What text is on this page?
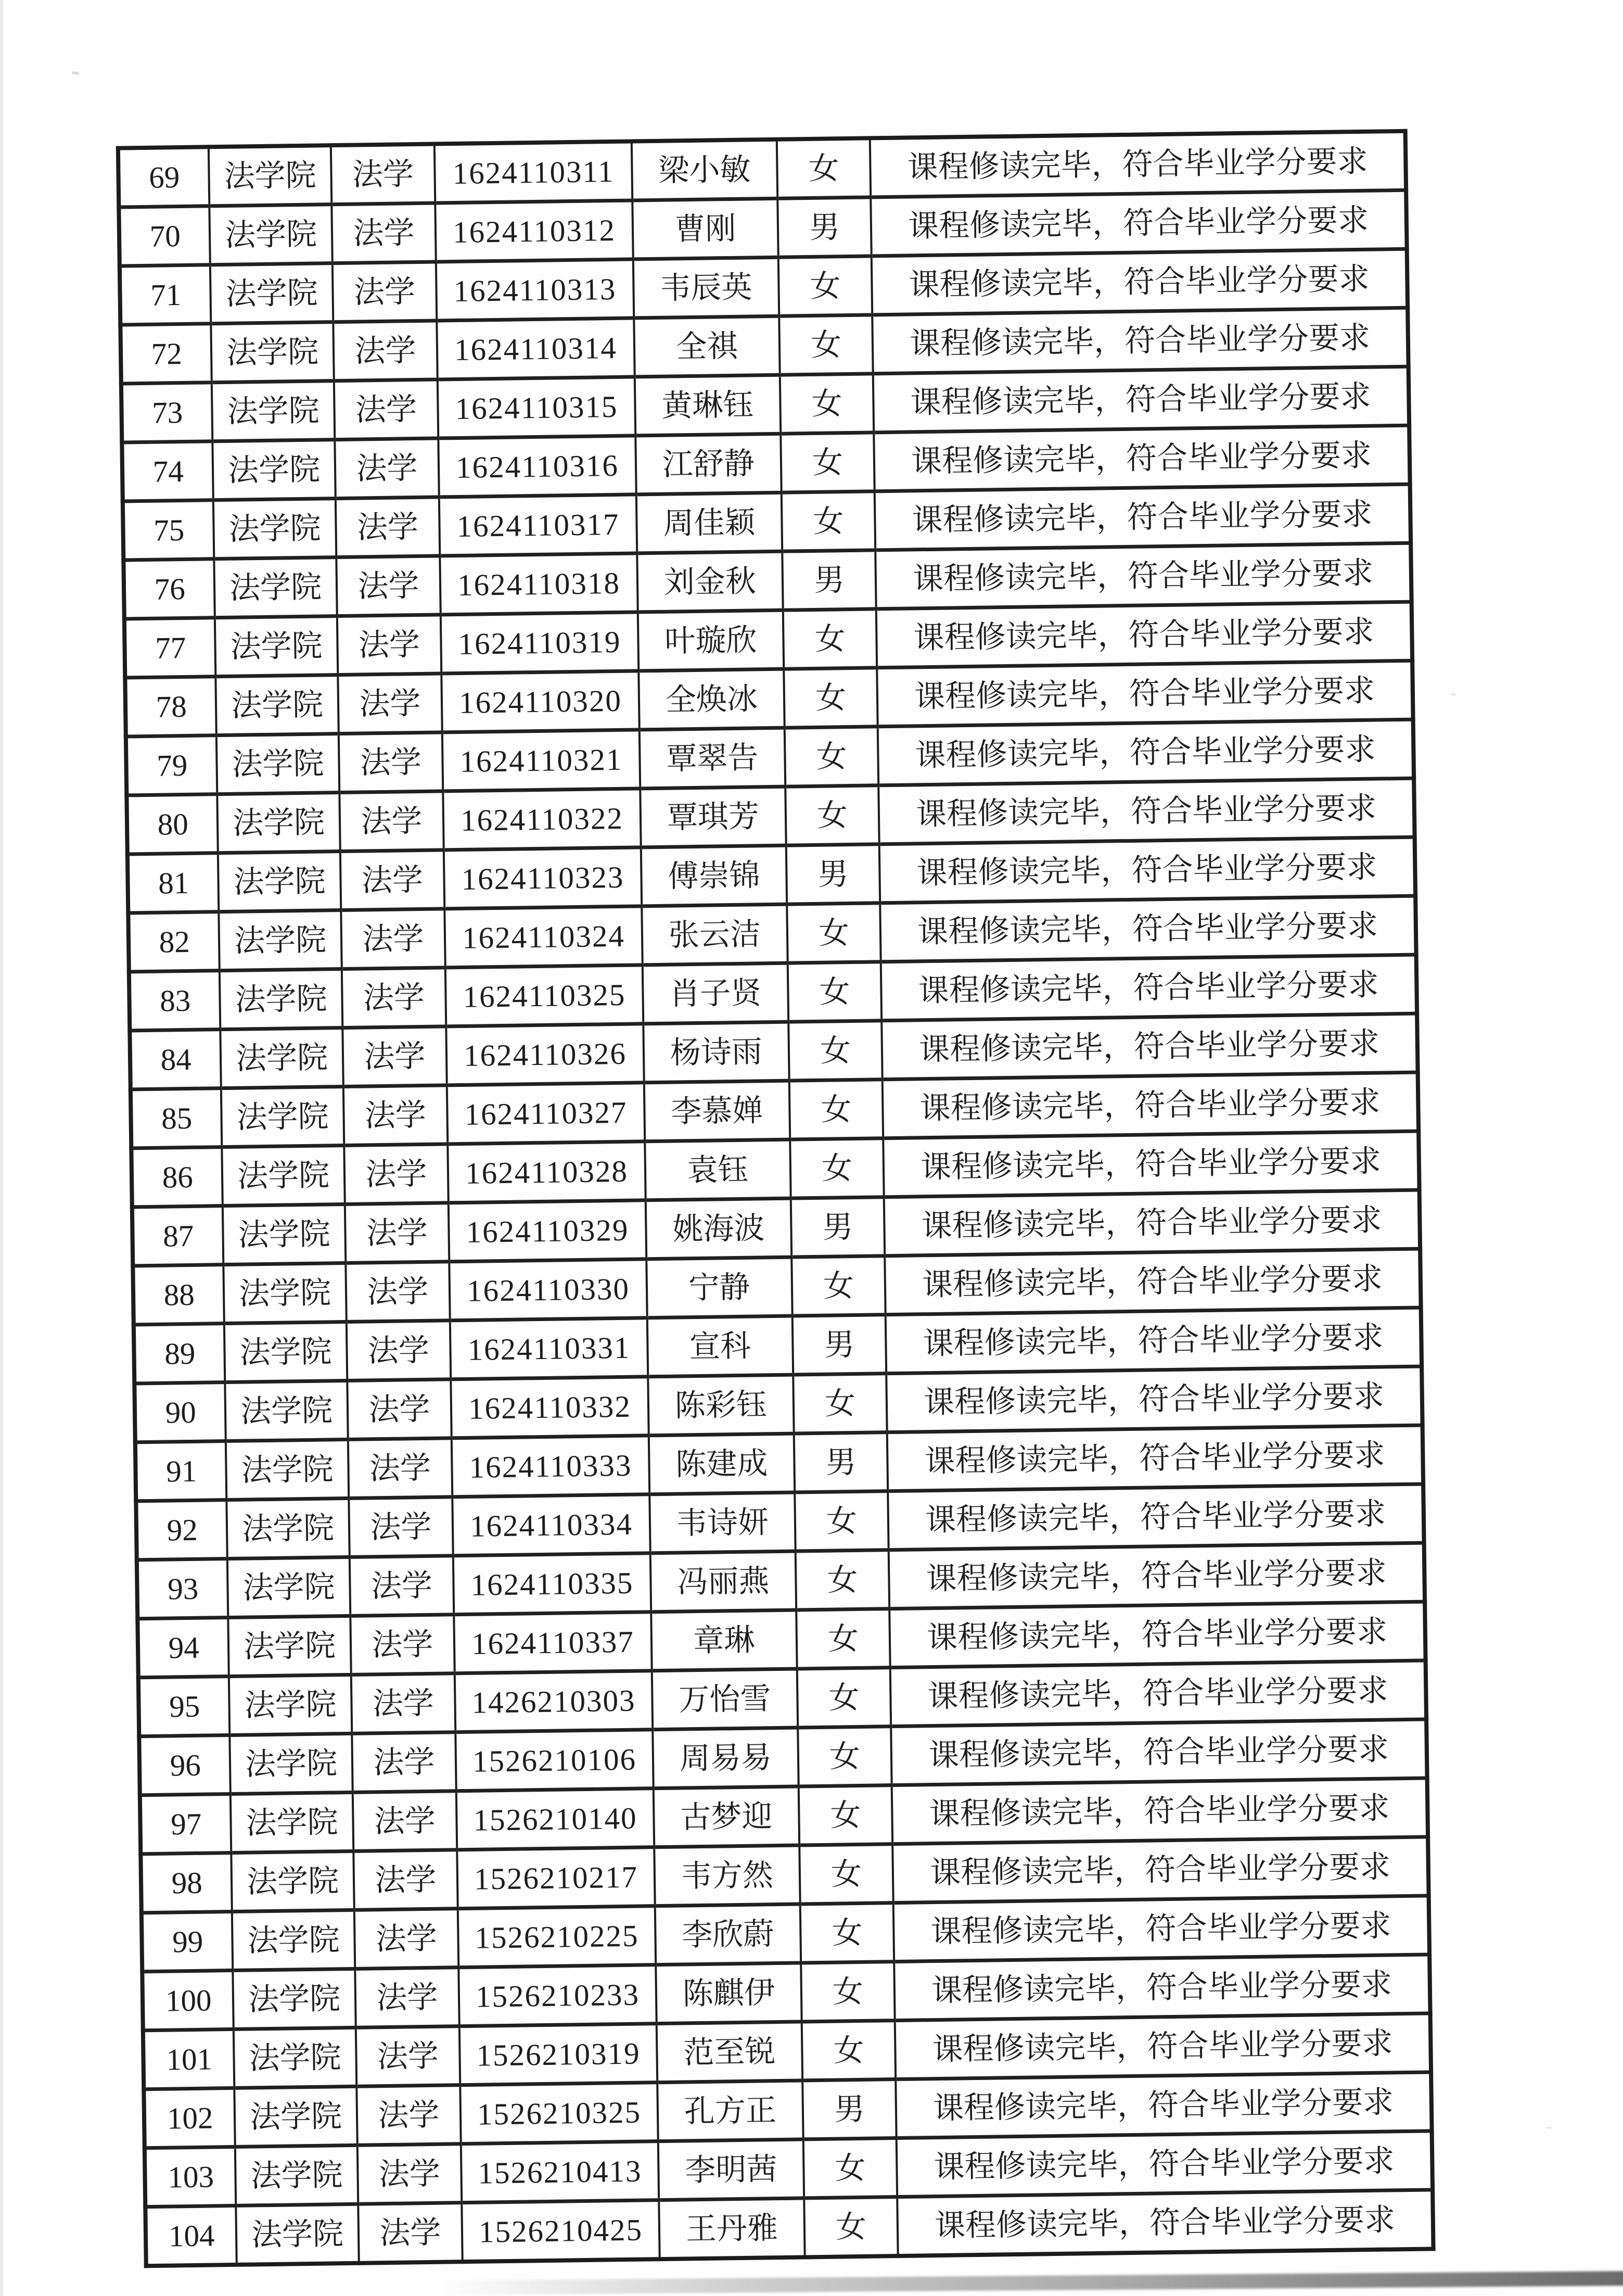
69	法学院	法学	1624110311	梁小敏	女	课程修读完毕，符合毕业学分要求
70	法学院	法学	1624110312	曹刚	男	课程修读完毕，符合毕业学分要求
71	法学院	法学	1624110313	韦辰英	女	课程修读完毕，符合毕业学分要求
72	法学院	法学	1624110314	全祺	女	课程修读完毕，符合毕业学分要求
73	法学院	法学	1624110315	黄琳钰	女	课程修读完毕，符合毕业学分要求
74	法学院	法学	1624110316	江舒静	女	课程修读完毕，符合毕业学分要求
75	法学院	法学	1624110317	周佳颖	女	课程修读完毕，符合毕业学分要求
76	法学院	法学	1624110318	刘金秋	男	课程修读完毕，符合毕业学分要求
77	法学院	法学	1624110319	叶璇欣	女	课程修读完毕，符合毕业学分要求
78	法学院	法学	1624110320	全焕冰	女	课程修读完毕，符合毕业学分要求
79	法学院	法学	1624110321	覃翠告	女	课程修读完毕，符合毕业学分要求
80	法学院	法学	1624110322	覃琪芳	女	课程修读完毕，符合毕业学分要求
81	法学院	法学	1624110323	傅崇锦	男	课程修读完毕，符合毕业学分要求
82	法学院	法学	1624110324	张云洁	女	课程修读完毕，符合毕业学分要求
83	法学院	法学	1624110325	肖子贤	女	课程修读完毕，符合毕业学分要求
84	法学院	法学	1624110326	杨诗雨	女	课程修读完毕，符合毕业学分要求
85	法学院	法学	1624110327	李慕婵	女	课程修读完毕，符合毕业学分要求
86	法学院	法学	1624110328	袁钰	女	课程修读完毕，符合毕业学分要求
87	法学院	法学	1624110329	姚海波	男	课程修读完毕，符合毕业学分要求
88	法学院	法学	1624110330	宁静	女	课程修读完毕，符合毕业学分要求
89	法学院	法学	1624110331	宣科	男	课程修读完毕，符合毕业学分要求
90	法学院	法学	1624110332	陈彩钰	女	课程修读完毕，符合毕业学分要求
91	法学院	法学	1624110333	陈建成	男	课程修读完毕，符合毕业学分要求
92	法学院	法学	1624110334	韦诗妍	女	课程修读完毕，符合毕业学分要求
93	法学院	法学	1624110335	冯丽燕	女	课程修读完毕，符合毕业学分要求
94	法学院	法学	1624110337	章琳	女	课程修读完毕，符合毕业学分要求
95	法学院	法学	1426210303	万怡雪	女	课程修读完毕，符合毕业学分要求
96	法学院	法学	1526210106	周易易	女	课程修读完毕，符合毕业学分要求
97	法学院	法学	1526210140	古梦迎	女	课程修读完毕，符合毕业学分要求
98	法学院	法学	1526210217	韦方然	女	课程修读完毕，符合毕业学分要求
99	法学院	法学	1526210225	李欣蔚	女	课程修读完毕，符合毕业学分要求
100	法学院	法学	1526210233	陈麒伊	女	课程修读完毕，符合毕业学分要求
101	法学院	法学	1526210319	范至锐	女	课程修读完毕，符合毕业学分要求
102	法学院	法学	1526210325	孔方正	男	课程修读完毕，符合毕业学分要求
103	法学院	法学	1526210413	李明茜	女	课程修读完毕，符合毕业学分要求
104	法学院	法学	1526210425	王丹雅	女	课程修读完毕，符合毕业学分要求
